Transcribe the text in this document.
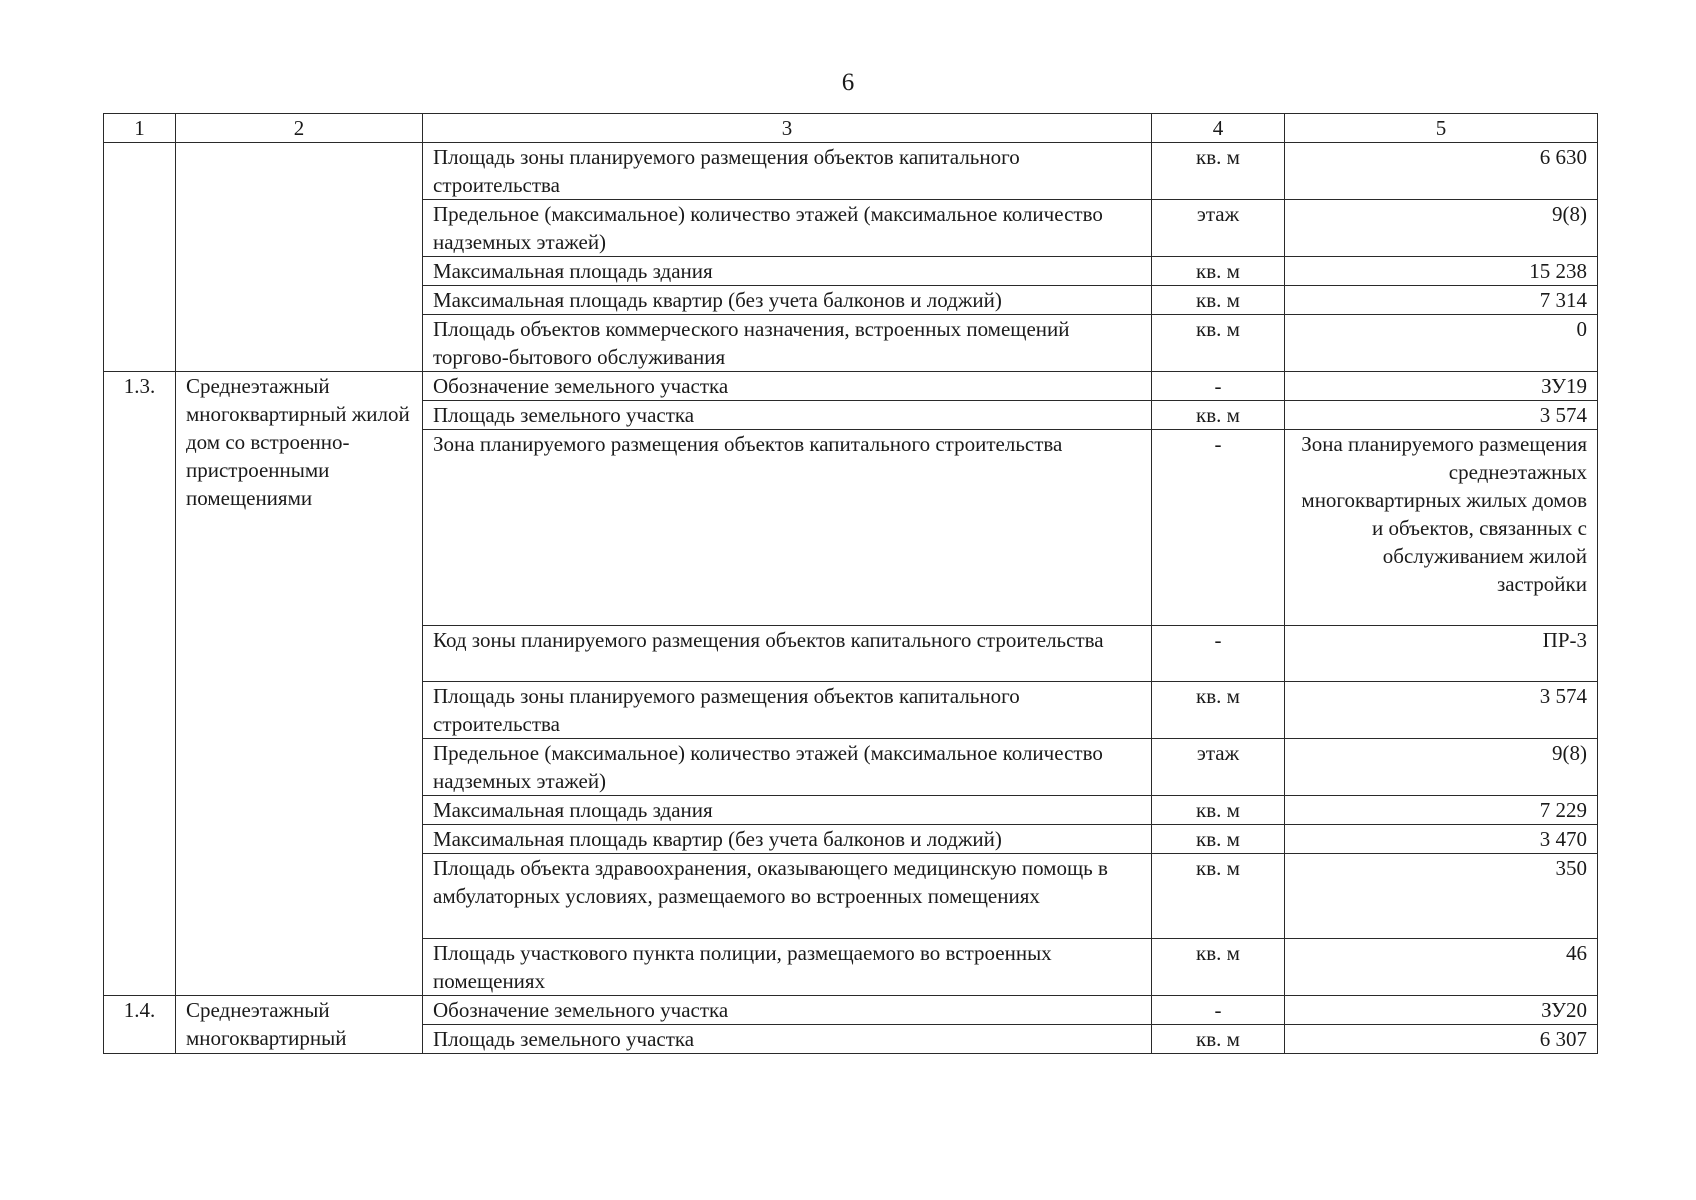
6
1	2	3	4	5
		Площадь зоны планируемого размещения объектов капитального строительства	кв. м	6 630
		Предельное (максимальное) количество этажей (максимальное количество надземных этажей)	этаж	9(8)
		Максимальная площадь здания	кв. м	15 238
		Максимальная площадь квартир (без учета балконов и лоджий)	кв. м	7 314
		Площадь объектов коммерческого назначения, встроенных помещений торгово-бытового обслуживания	кв. м	0
1.3.	Среднеэтажный многоквартирный жилой дом со встроенно-пристроенными помещениями	Обозначение земельного участка	-	ЗУ19
		Площадь земельного участка	кв. м	3 574
		Зона планируемого размещения объектов капитального строительства	-	Зона планируемого размещения среднеэтажных многоквартирных жилых домов и объектов, связанных с обслуживанием жилой застройки
		Код зоны планируемого размещения объектов капитального строительства	-	ПР-3
		Площадь зоны планируемого размещения объектов капитального строительства	кв. м	3 574
		Предельное (максимальное) количество этажей (максимальное количество надземных этажей)	этаж	9(8)
		Максимальная площадь здания	кв. м	7 229
		Максимальная площадь квартир (без учета балконов и лоджий)	кв. м	3 470
		Площадь объекта здравоохранения, оказывающего медицинскую помощь в амбулаторных условиях, размещаемого во встроенных помещениях	кв. м	350
		Площадь участкового пункта полиции, размещаемого во встроенных помещениях	кв. м	46
1.4.	Среднеэтажный многоквартирный	Обозначение земельного участка	-	ЗУ20
		Площадь земельного участка	кв. м	6 307
